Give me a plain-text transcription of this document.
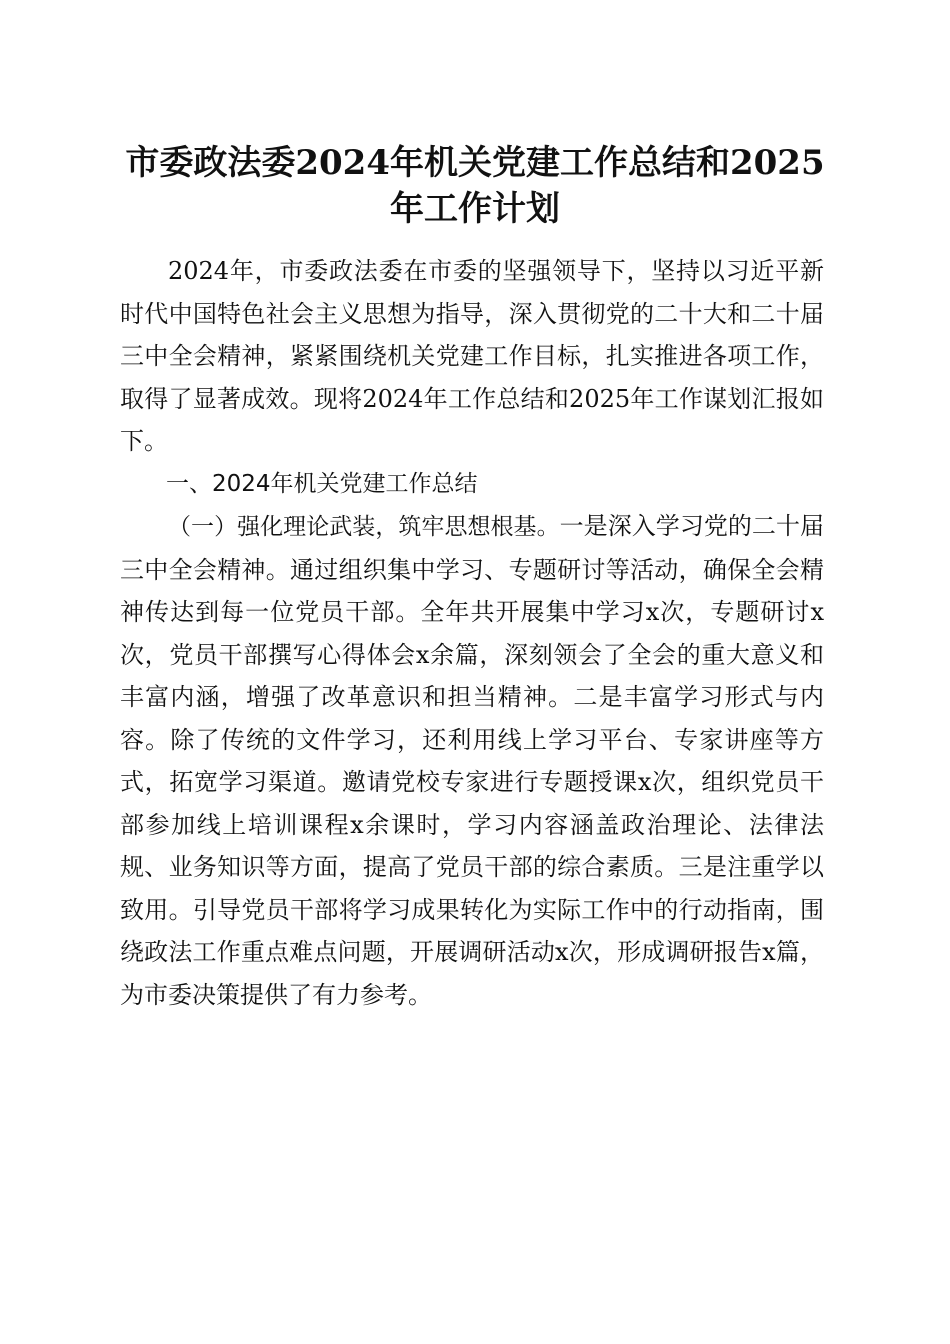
市委政法委2024年机关党建工作总结和2025年工作计划

2024年，市委政法委在市委的坚强领导下，坚持以习近平新时代中国特色社会主义思想为指导，深入贯彻党的二十大和二十届三中全会精神，紧紧围绕机关党建工作目标，扎实推进各项工作，取得了显著成效。现将2024年工作总结和2025年工作谋划汇报如下。

一、2024年机关党建工作总结

（一）强化理论武装，筑牢思想根基。一是深入学习党的二十届三中全会精神。通过组织集中学习、专题研讨等活动，确保全会精神传达到每一位党员干部。全年共开展集中学习x次，专题研讨x次，党员干部撰写心得体会x余篇，深刻领会了全会的重大意义和丰富内涵，增强了改革意识和担当精神。二是丰富学习形式与内容。除了传统的文件学习，还利用线上学习平台、专家讲座等方式，拓宽学习渠道。邀请党校专家进行专题授课x次，组织党员干部参加线上培训课程x余课时，学习内容涵盖政治理论、法律法规、业务知识等方面，提高了党员干部的综合素质。三是注重学以致用。引导党员干部将学习成果转化为实际工作中的行动指南，围绕政法工作重点难点问题，开展调研活动x次，形成调研报告x篇，为市委决策提供了有力参考。
